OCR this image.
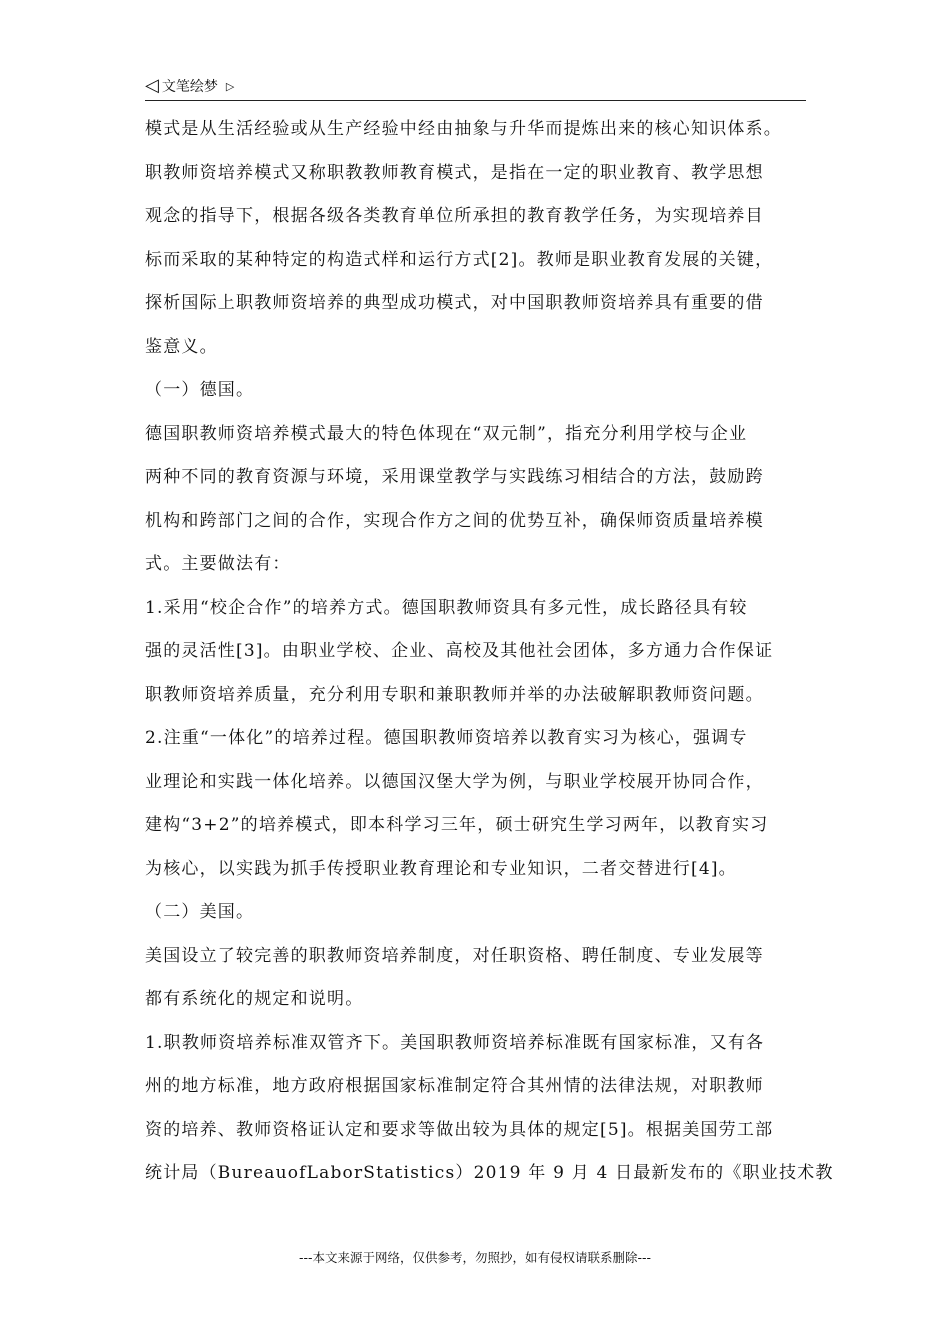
◁ 文笔绘梦 ▷
模式是从生活经验或从生产经验中经由抽象与升华而提炼出来的核心知识体系。
职教师资培养模式又称职教教师教育模式，是指在一定的职业教育、教学思想
观念的指导下，根据各级各类教育单位所承担的教育教学任务，为实现培养目
标而采取的某种特定的构造式样和运行方式[2]。教师是职业教育发展的关键，
探析国际上职教师资培养的典型成功模式，对中国职教师资培养具有重要的借
鉴意义。
（一）德国。
德国职教师资培养模式最大的特色体现在“双元制”，指充分利用学校与企业
两种不同的教育资源与环境，采用课堂教学与实践练习相结合的方法，鼓励跨
机构和跨部门之间的合作，实现合作方之间的优势互补，确保师资质量培养模
式。主要做法有：
1.采用“校企合作”的培养方式。德国职教师资具有多元性，成长路径具有较
强的灵活性[3]。由职业学校、企业、高校及其他社会团体，多方通力合作保证
职教师资培养质量，充分利用专职和兼职教师并举的办法破解职教师资问题。
2.注重“一体化”的培养过程。德国职教师资培养以教育实习为核心，强调专
业理论和实践一体化培养。以德国汉堡大学为例，与职业学校展开协同合作，
建构“3+2”的培养模式，即本科学习三年，硕士研究生学习两年，以教育实习
为核心，以实践为抓手传授职业教育理论和专业知识，二者交替进行[4]。
（二）美国。
美国设立了较完善的职教师资培养制度，对任职资格、聘任制度、专业发展等
都有系统化的规定和说明。
1.职教师资培养标准双管齐下。美国职教师资培养标准既有国家标准，又有各
州的地方标准，地方政府根据国家标准制定符合其州情的法律法规，对职教师
资的培养、教师资格证认定和要求等做出较为具体的规定[5]。根据美国劳工部
统计局（BureauofLaborStatistics）2019 年 9 月 4 日最新发布的《职业技术教
---本文来源于网络，仅供参考，勿照抄，如有侵权请联系删除---
